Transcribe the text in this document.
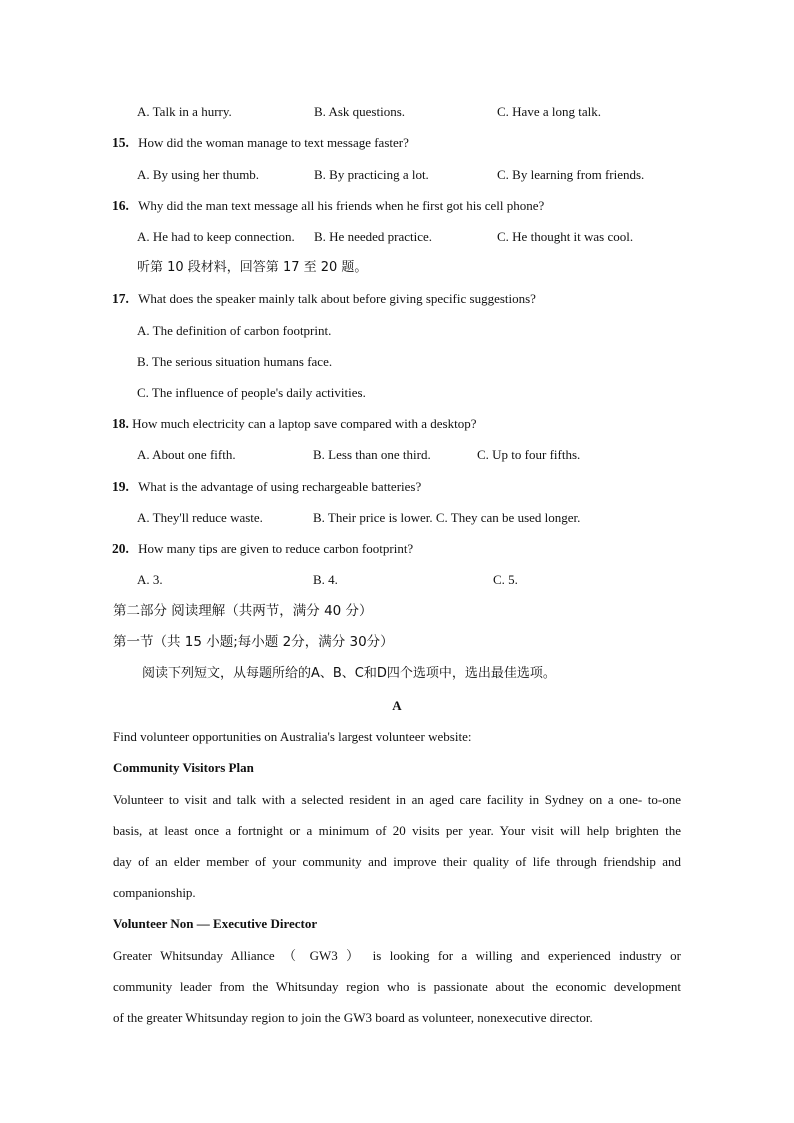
A. Talk in a hurry.	B. Ask questions.	C. Have a long talk.
15. How did the woman manage to text message faster?
A. By using her thumb.	B. By practicing a lot.	C. By learning from friends.
16. Why did the man text message all his friends when he first got his cell phone?
A. He had to keep connection. B. He needed practice.	C. He thought it was cool.
听第 10 段材料，回答第 17 至 20 题。
17. What does the speaker mainly talk about before giving specific suggestions?
A. The definition of carbon footprint.
B. The serious situation humans face.
C. The influence of people's daily activities.
18. How much electricity can a laptop save compared with a desktop?
A. About one fifth.	B. Less than one third.	C. Up to four fifths.
19. What is the advantage of using rechargeable batteries?
A. They'll reduce waste.	B. Their price is lower. C. They can be used longer.
20. How many tips are given to reduce carbon footprint?
A. 3.	B. 4.	C. 5.
第二部分 阅读理解（共两节，满分 40 分）
第一节（共 15 小题;每小题 2分，满分 30分）
阅读下列短文，从每题所给的A、B、C和D四个选项中，选出最佳选项。
A
Find volunteer opportunities on Australia's largest volunteer website:
Community Visitors Plan
Volunteer to visit and talk with a selected resident in an aged care facility in Sydney on a one- to-one
basis, at least once a fortnight or a minimum of 20 visits per year. Your visit will help brighten the
day of an elder member of your community and improve their quality of life through friendship and
companionship.
Volunteer Non — Executive Director
Greater Whitsunday Alliance （ GW3 ） is looking for a willing and experienced industry or
community leader from the Whitsunday region who is passionate about the economic development
of the greater Whitsunday region to join the GW3 board as volunteer, nonexecutive director.
